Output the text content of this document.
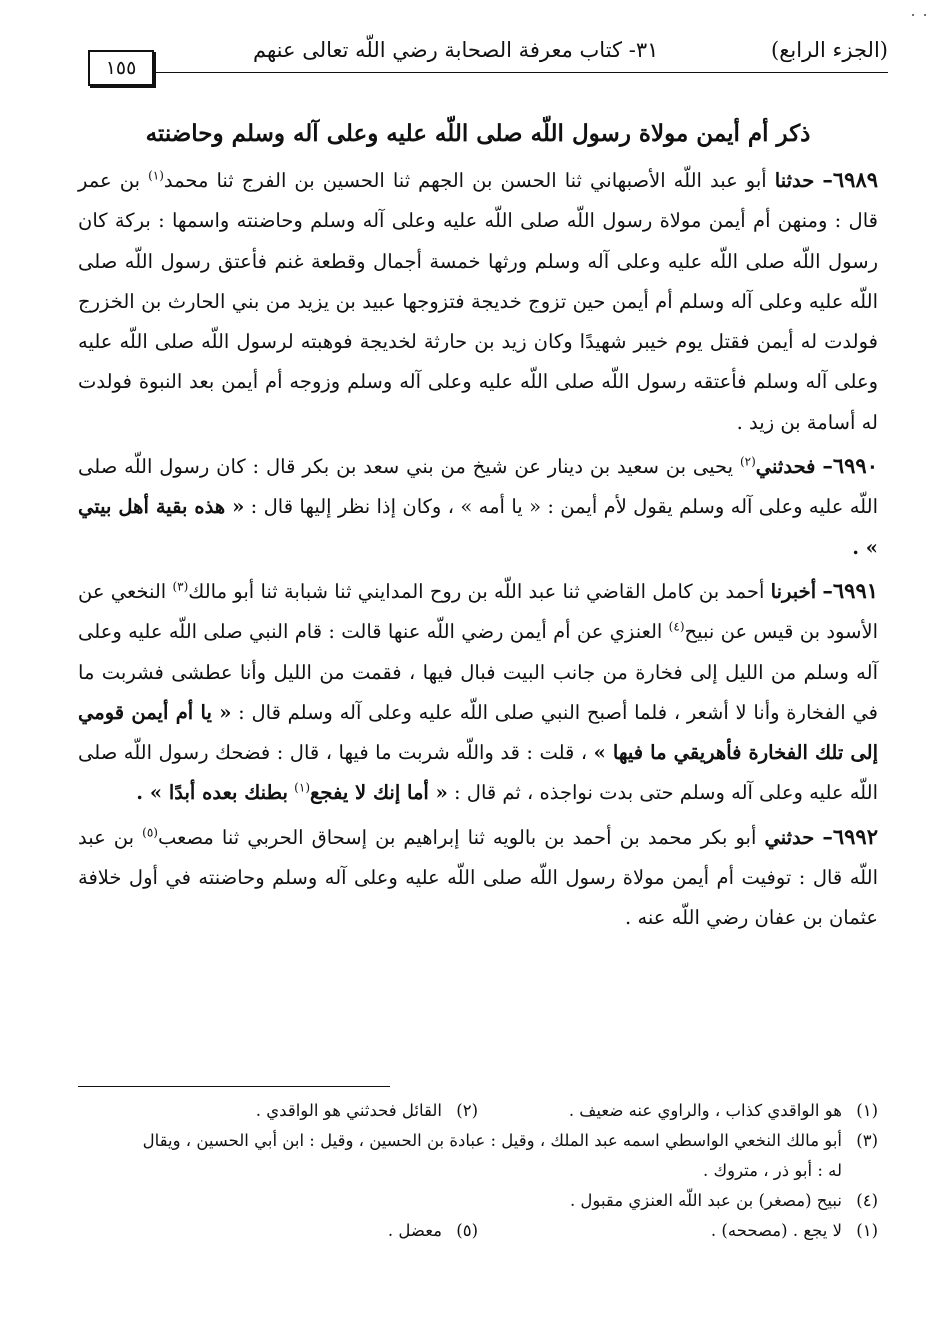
(الجزء الرابع)
٣١- كتاب معرفة الصحابة رضي اللّه تعالى عنهم
١٥٥
ذكر أم أيمن مولاة رسول اللّه صلى اللّه عليه وعلى آله وسلم وحاضنته

٦٩٨٩– حدثنا أبو عبد اللّه الأصبهاني ثنا الحسن بن الجهم ثنا الحسين بن الفرج ثنا محمد$^{(١)}$ بن عمر قال : ومنهن أم أيمن مولاة رسول اللّه صلى اللّه عليه وعلى آله وسلم وحاضنته واسمها : بركة كان رسول اللّه صلى اللّه عليه وعلى آله وسلم ورثها خمسة أجمال وقطعة غنم فأعتق رسول اللّه صلى اللّه عليه وعلى آله وسلم أم أيمن حين تزوج خديجة فتزوجها عبيد بن يزيد من بني الحارث بن الخزرج فولدت له أيمن فقتل يوم خيبر شهيدًا وكان زيد بن حارثة لخديجة فوهبته لرسول اللّه صلى اللّه عليه وعلى آله وسلم فأعتقه رسول اللّه صلى اللّه عليه وعلى آله وسلم وزوجه أم أيمن بعد النبوة فولدت له أسامة بن زيد .

٦٩٩٠– فحدثني$^{(٢)}$ يحيى بن سعيد بن دينار عن شيخ من بني سعد بن بكر قال : كان رسول اللّه صلى اللّه عليه وعلى آله وسلم يقول لأم أيمن : « يا أمه » ، وكان إذا نظر إليها قال : « هذه بقية أهل بيتي » .

٦٩٩١– أخبرنا أحمد بن كامل القاضي ثنا عبد اللّه بن روح المدايني ثنا شبابة ثنا أبو مالك$^{(٣)}$ النخعي عن الأسود بن قيس عن نبيح$^{(٤)}$ العنزي عن أم أيمن رضي اللّه عنها قالت : قام النبي صلى اللّه عليه وعلى آله وسلم من الليل إلى فخارة من جانب البيت فبال فيها ، فقمت من الليل وأنا عطشى فشربت ما في الفخارة وأنا لا أشعر ، فلما أصبح النبي صلى اللّه عليه وعلى آله وسلم قال : « يا أم أيمن قومي إلى تلك الفخارة فأهريقي ما فيها » ، قلت : قد واللّه شربت ما فيها ، قال : فضحك رسول اللّه صلى اللّه عليه وعلى آله وسلم حتى بدت نواجذه ، ثم قال : « أما إنك لا يفجع$^{(١)}$ بطنك بعده أبدًا » .

٦٩٩٢– حدثني أبو بكر محمد بن أحمد بن بالويه ثنا إبراهيم بن إسحاق الحربي ثنا مصعب$^{(٥)}$ بن عبد اللّه قال : توفيت أم أيمن مولاة رسول اللّه صلى اللّه عليه وعلى آله وسلم وحاضنته في أول خلافة عثمان بن عفان رضي اللّه عنه .

(١)هو الواقدي كذاب ، والراوي عنه ضعيف .
(٢)القائل فحدثني هو الواقدي .
(٣)أبو مالك النخعي الواسطي اسمه عبد الملك ، وقيل : عبادة بن الحسين ، وقيل : ابن أبي الحسين ، ويقال
له : أبو ذر ، متروك .
(٤)نبيح (مصغر) بن عبد اللّه العنزي مقبول .
(١)لا يجع . (مصححه) .
(٥)معضل .
